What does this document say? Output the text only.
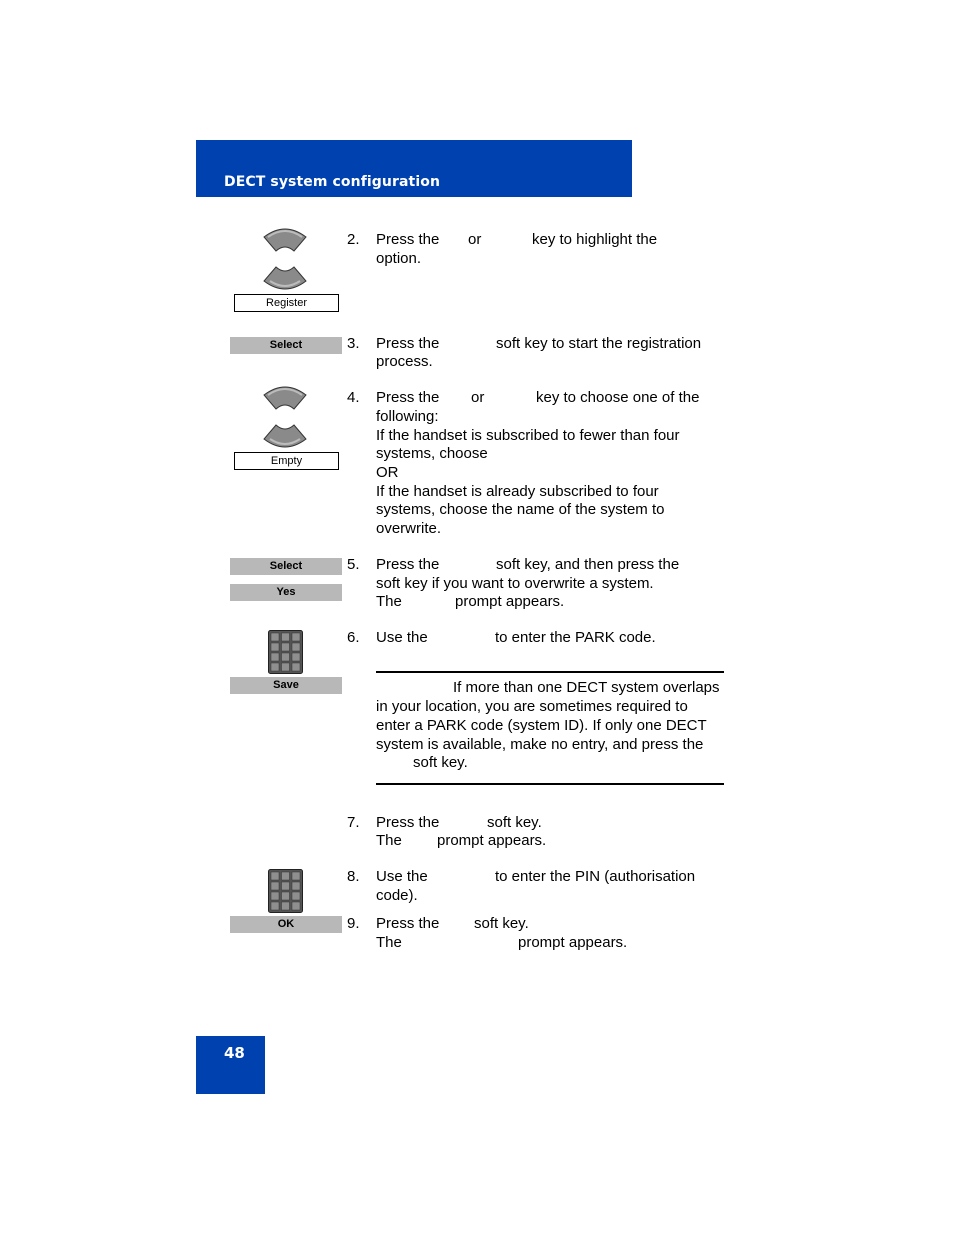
DECT system configuration
Register
2. Press the or	key to highlight the
option.
Select	3. Press the	soft key to start the registration
process.
Empty
4. Press the or	key to choose one of the
following:
If the handset is subscribed to fewer than four
systems, choose
OR
If the handset is already subscribed to four
systems, choose the name of the system to
overwrite.
Select
Yes
5. Press the	soft key, and then press the
soft key if you want to overwrite a system.
The	prompt appears.
Save
6. Use the	to enter the PARK code.
If more than one DECT system overlaps
in your location, you are sometimes required to
enter a PARK code (system ID). If only one DECT
system is available, make no entry, and press the
soft key.
7. Press the	soft key.
The prompt appears.
8. Use the	to enter the PIN (authorisation
code).
OK	9. Press the soft key.
The	prompt appears.
48
